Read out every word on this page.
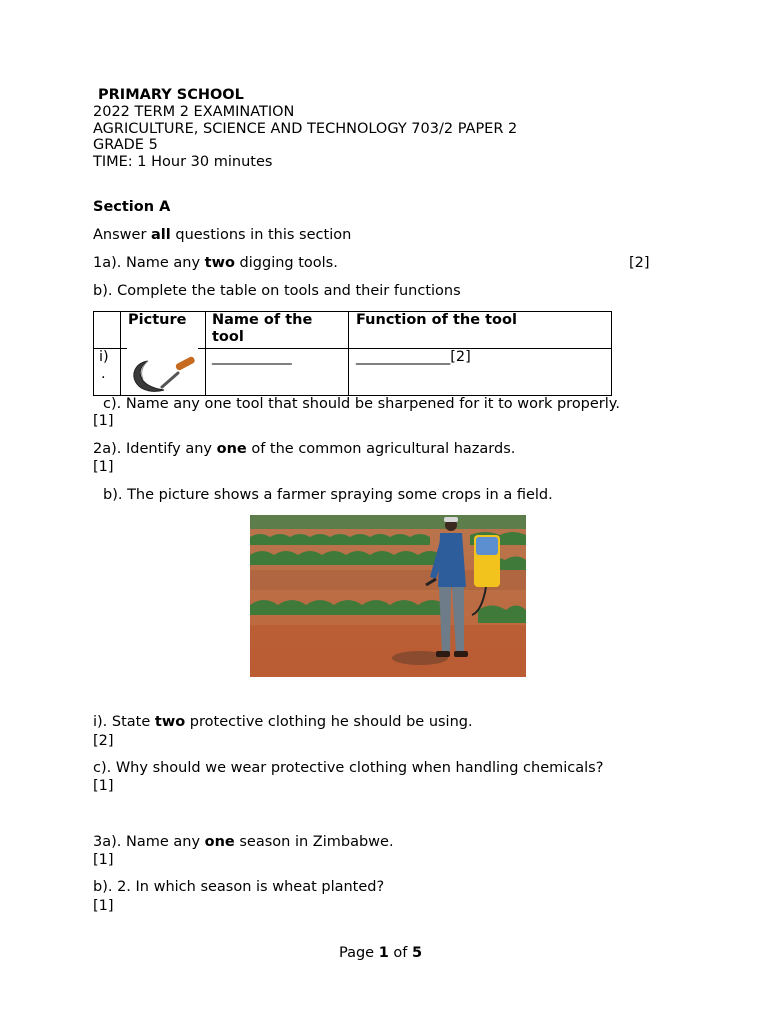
PRIMARY SCHOOL
2022 TERM 2 EXAMINATION
AGRICULTURE, SCIENCE AND TECHNOLOGY 703/2 PAPER 2
GRADE 5
TIME: 1 Hour 30 minutes
Section A
Answer all questions in this section
1a). Name any two digging tools.	[2]
b). Complete the table on tools and their functions
Picture Name of the
tool
Function of the tool
i)
.
___________	_____________[2]
c). Name any one tool that should be sharpened for it to work properly.
[1]
2a). Identify any one of the common agricultural hazards.
[1]
b). The picture shows a farmer spraying some crops in a field.
i). State two protective clothing he should be using.
[2]
c). Why should we wear protective clothing when handling chemicals?
[1]
3a). Name any one season in Zimbabwe.
[1]
b). 2. In which season is wheat planted?
[1]
Page 1 of 5
